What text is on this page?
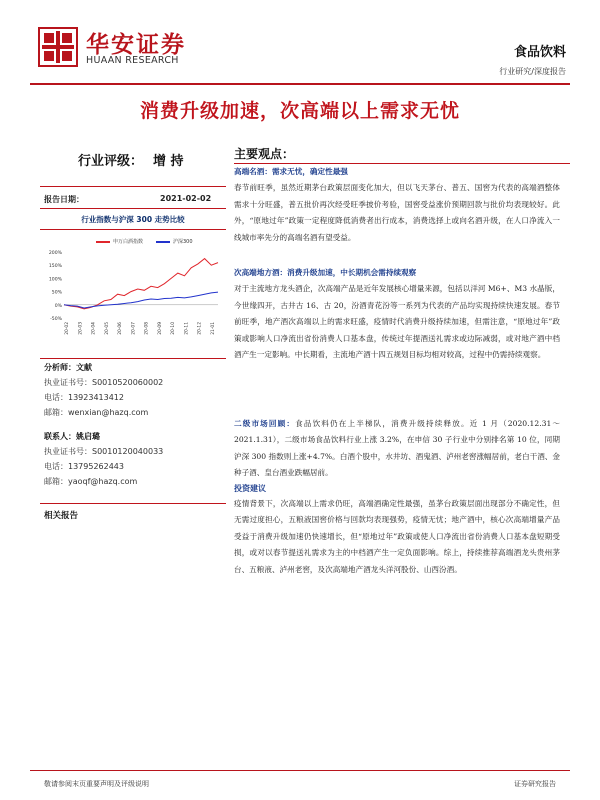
华安证券
HUAAN RESEARCH
食品饮料
行业研究/深度报告
消费升级加速，次高端以上需求无忧
行业评级： 增 持
报告日期：	2021-02-02
行业指数与沪深 300 走势比较
申万白酒指数	沪深300
200%
150%
100%
50%
0%
-50%
20-02 20-03 20-04 20-05 20-06 20-07 20-08 20-09 20-10 20-11 20-12 21-01
分析师：文献
执业证书号：S0010520060002
电话：13923413412
邮箱：wenxian@hazq.com
联系人：姚启璐
执业证书号：S0010120040033
电话：13795262443
邮箱：yaoqf@hazq.com
相关报告
主要观点：
高端名酒：需求无忧，确定性最强
春节前旺季，虽然近期茅台政策层面变化加大，但以飞天茅台、普五、国窖为代表的高端酒整体需求十分旺盛，普五批价再次经受旺季披价考验，国窖受益涨价预期回款与批价均表现较好。此外，“原地过年”政策一定程度降低消费者出行成本，消费选择上或向名酒升级，在人口净流入一线城市率先分的高端名酒有望受益。
次高端地方酒：消费升级加速，中长期机会需持续观察
对于主流地方龙头酒企，次高端产品是近年发展核心增量来源，包括以洋河 M6+、M3 水晶版，今世缘四开，古井古 16、古 20，汾酒青花汾等一系列为代表的产品均实现持续快速发展。春节前旺季，地产酒次高端以上的需求旺盛，疫情时代消费升级持续加速，但需注意，“原地过年”政策或影响人口净流出省份消费人口基本盘，传统过年提酒送礼需求或边际减弱，或对地产酒中档酒产生一定影响。中长期看，主流地产酒十四五规划目标均相对较高，过程中仍需持续观察。
二级市场回顾：食品饮料仍在上半梯队，消费升级持续释放。近 1 月（2020.12.31～2021.1.31），二级市场食品饮料行业上涨 3.2%，在申信 30 子行业中分别排名第 10 位，同期沪深 300 指数则上涨+4.7%。白酒个股中，水井坊、酒鬼酒、泸州老窖涨幅居前，老白干酒、金种子酒、皇台酒业跌幅居前。
投资建议
疫情背景下，次高端以上需求仍旺，高端酒确定性最强，虽茅台政策层面出现部分不确定性，但无需过度担心，五粮液国窖价格与回款均表现强势，疫情无忧；地产酒中，核心次高端增量产品受益于消费升级加速仍快速增长，但“原地过年”政策或使人口净流出省份消费人口基本盘短期受损，或对以春节提送礼需求为主的中档酒产生一定负面影响。综上，持续推荐高端酒龙头贵州茅台、五粮液、泸州老窖，及次高端地产酒龙头洋河股份、山西汾酒。
敬请参阅末页重要声明及评级说明	证券研究报告
